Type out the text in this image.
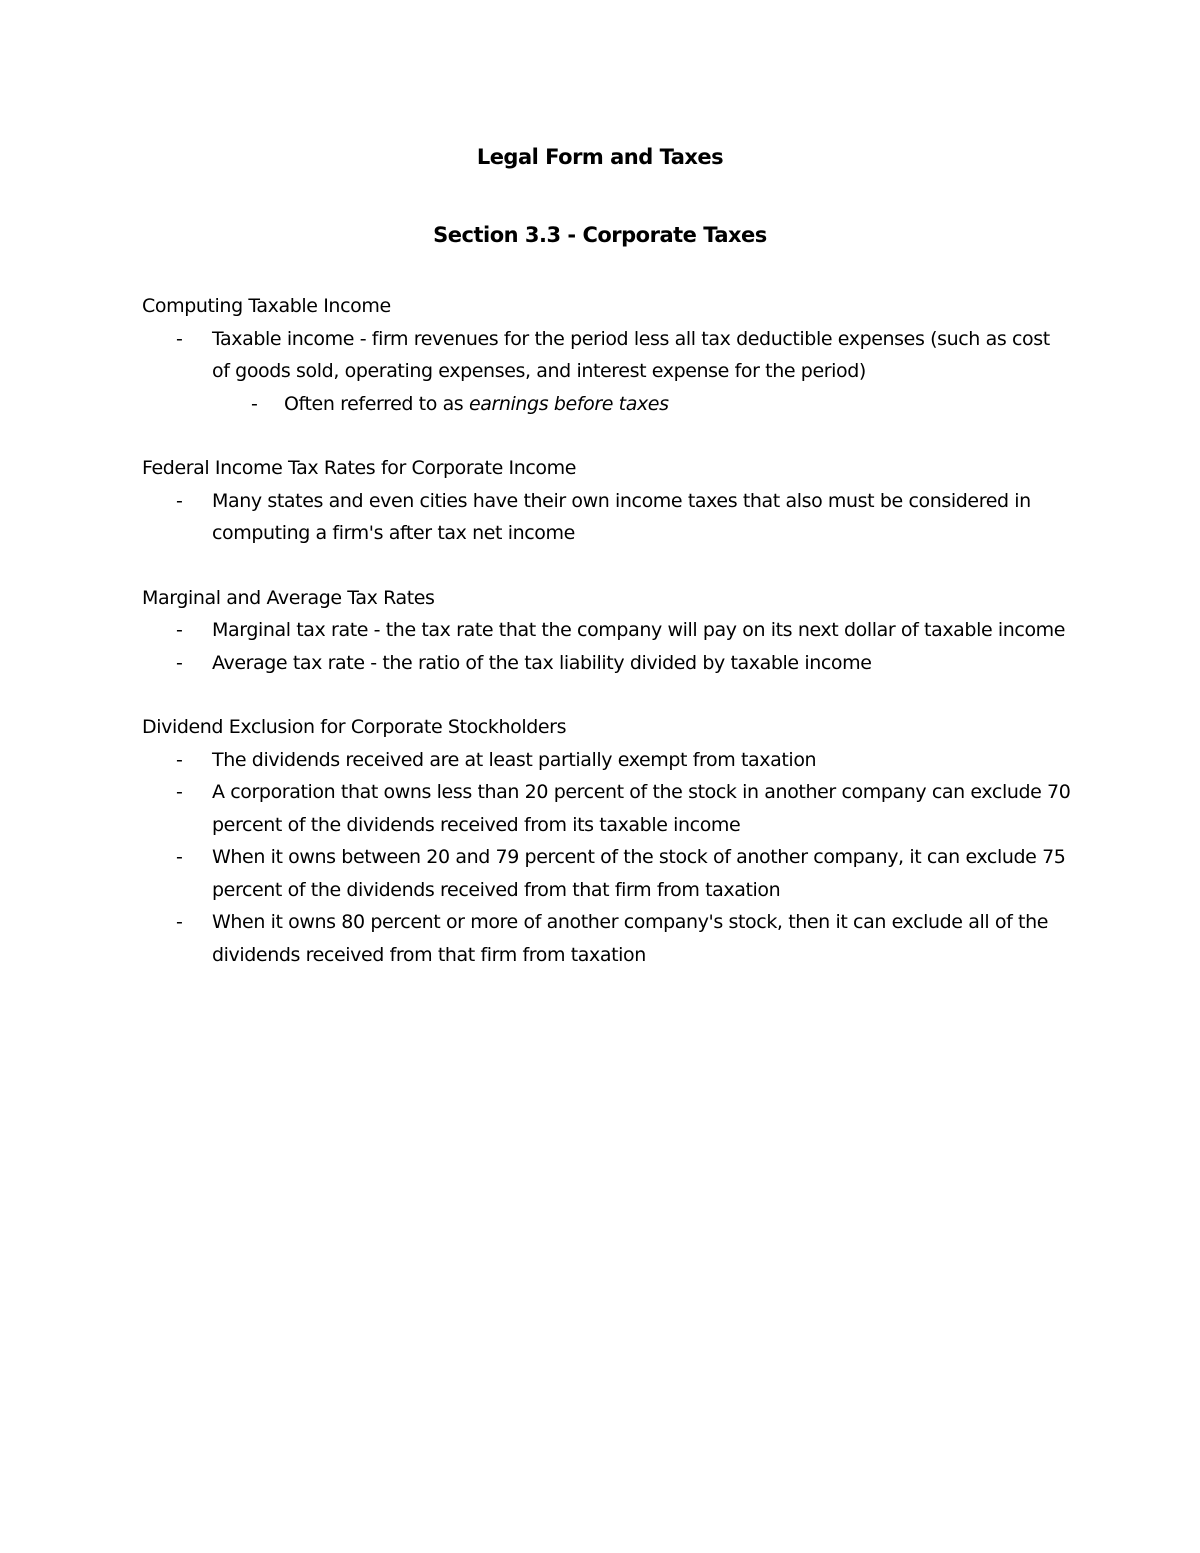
Legal Form and Taxes
Section 3.3 - Corporate Taxes

Computing Taxable Income

- Taxable income - firm revenues for the period less all tax deductible expenses (such as cost of goods sold, operating expenses, and interest expense for the period)
- Often referred to as earnings before taxes

Federal Income Tax Rates for Corporate Income

- Many states and even cities have their own income taxes that also must be considered in computing a firm's after tax net income

Marginal and Average Tax Rates

- Marginal tax rate - the tax rate that the company will pay on its next dollar of taxable income
- Average tax rate - the ratio of the tax liability divided by taxable income

Dividend Exclusion for Corporate Stockholders

- The dividends received are at least partially exempt from taxation
- A corporation that owns less than 20 percent of the stock in another company can exclude 70 percent of the dividends received from its taxable income
- When it owns between 20 and 79 percent of the stock of another company, it can exclude 75 percent of the dividends received from that firm from taxation
- When it owns 80 percent or more of another company's stock, then it can exclude all of the dividends received from that firm from taxation
